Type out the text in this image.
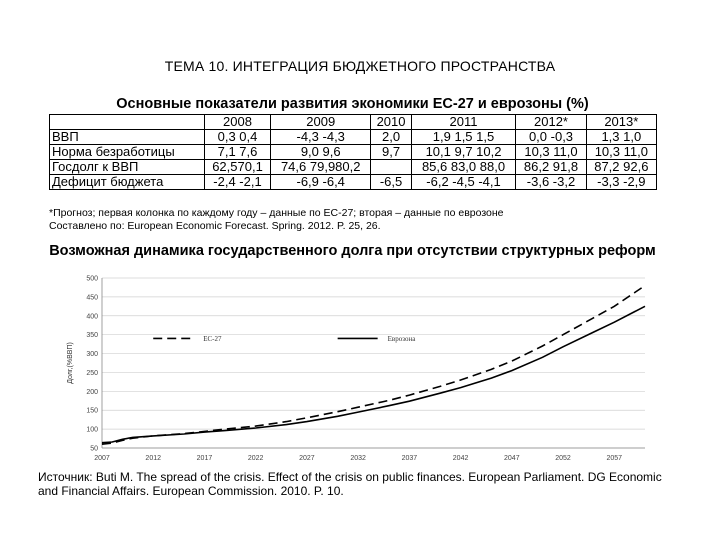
ТЕМА 10. ИНТЕГРАЦИЯ БЮДЖЕТНОГО ПРОСТРАНСТВА
Основные показатели развития экономики ЕС-27 и еврозоны (%)
	2008	2009	2010	2011	2012*	2013*
ВВП	0,3 0,4	-4,3 -4,3	2,0	1,9 1,5 1,5	0,0 -0,3	1,3 1,0
Норма безработицы	7,1 7,6	9,0 9,6	9,7	10,1 9,7 10,2	10,3 11,0	10,3 11,0
Госдолг к ВВП	62,570,1	74,6 79,980,2		85,6 83,0 88,0	86,2 91,8	87,2 92,6
Дефицит бюджета	-2,4 -2,1	-6,9 -6,4	-6,5	-6,2 -4,5 -4,1	-3,6 -3,2	-3,3 -2,9
*Прогноз; первая колонка по каждому году – данные по ЕС-27; вторая – данные по еврозоне
Составлено по: European Economic Forecast. Spring. 2012. P. 25, 26.
Возможная динамика государственного долга при отсутствии структурных реформ
50
100
150
200
250
300
350
400
450
500
2007	2012	2017	2022	2027	2032	2037	2042	2047	2052	2057
Долг,(%ВВП)
ЕС-27	Еврозона
Источник: Buti M. The spread of the crisis. Effect of the crisis on public finances. European Parliament. DG Economic and Financial Affairs. European Commission. 2010. P. 10.
